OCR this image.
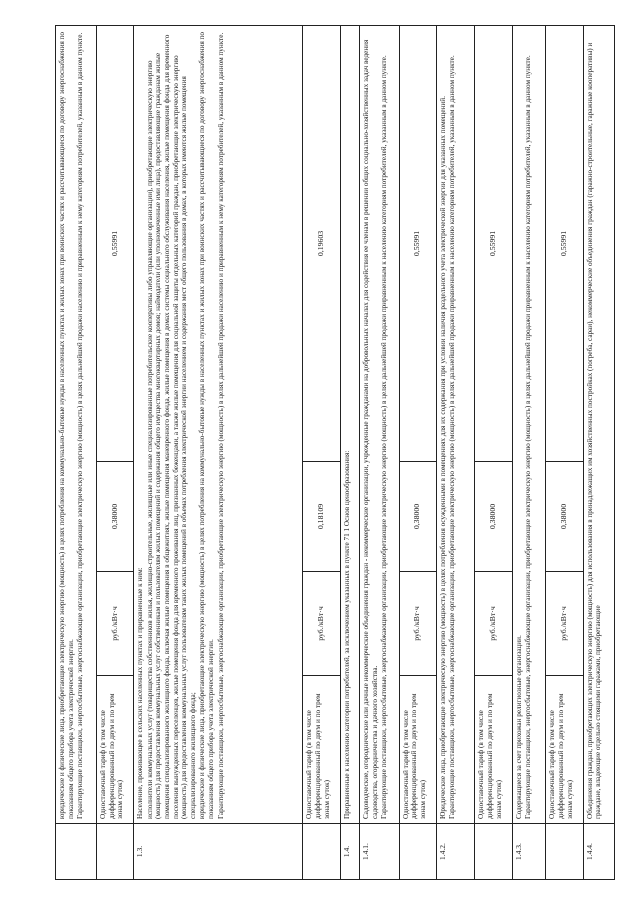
	юридические и физические лица, приобретающие электрическую энергию (мощность) в целях потребления на коммунально-бытовые нужды в населенных пунктах и жилых зонах при воинских частях и рассчитывающиеся по договору энергоснабжения по показаниям общего прибора учета электрической энергии. Гарантирующие поставщики, энергосбытовые, энергоснабжающие организации, приобретающие электрическую энергию (мощность) в целях дальнейшей продажи населению и приравненным к нему категориям потребителей, указанным в данном пункте.			

	Одноставочный тариф (в том числе дифференцированный по двум и по трем зонам суток)	руб./кВт·ч	0,38000	0,55991
1.3.	Население, проживающее в сельских населенных пунктах и приравненные к ним: исполнители коммунальных услуг (товарищества собственников жилья, жилищно-строительные, жилищные или иные специализированные потребительские кооперативы либо управляющие организации), приобретающие электрическую энергию (мощность) для предоставления коммунальных услуг собственникам и пользователям жилых помещений и содержания общего имущества многоквартирных домов; наймодатели (или уполномоченные ими лица), предоставляющие гражданам жилые помещения специализированного жилищного фонда, включая жилые помещения в общежитиях, жилые помещения маневренного фонда, жилые помещения в домах системы социального обслуживания населения, жилые помещения фонда для временного поселения вынужденных переселенцев, жилые помещения фонда для временного проживания лиц, признанных беженцами, а также жилые помещения для социальной защиты отдельных категорий граждан, приобретающие электрическую энергию (мощность) для предоставления коммунальных услуг пользователям таких жилых помещений в объемах потребления электрической энергии населением и содержания мест общего пользования в домах, в которых имеются жилые помещения специализированного жилищного фонда; юридические и физические лица, приобретающие электрическую энергию (мощность) в целях потребления на коммунально-бытовые нужды в населенных пунктах и жилых зонах при воинских частях и рассчитывающиеся по договору энергоснабжения по показаниям общего прибора учета электрической энергии. Гарантирующие поставщики, энергосбытовые, энергоснабжающие организации, приобретающие электрическую энергию (мощность) в целях дальнейшей продажи населению и приравненным к нему категориям потребителей, указанным в данном пункте.			

	Одноставочный тариф (в том числе дифференцированный по двум и по трем зонам суток)	руб./кВт·ч	0,18109	0,19603
1.4.	Приравненные к населению категории потребителей, за исключением указанных в пункте 71 1 Основ ценообразования:			

1.4.1.	Садоводческие, огороднические или дачные некоммерческие объединения граждан - некоммерческие организации, учрежденные гражданами на добровольных началах для содействия ее членам в решении общих социально-хозяйственных задач ведения садоводства, огородничества и дачного хозяйства. Гарантирующие поставщики, энергосбытовые, энергоснабжающие организации, приобретающие электрическую энергию (мощность) в целях дальнейшей продажи приравненным к населению категориям потребителей, указанным в данном пункте.			

	Одноставочный тариф (в том числе дифференцированный по двум и по трем зонам суток)	руб./кВт·ч	0,38000	0,55991
1.4.2.	Юридические лица, приобретающие электрическую энергию (мощность) в целях потребления осужденными в помещениях для их содержания при условии наличия раздельного учета электрической энергии для указанных помещений. Гарантирующие поставщики, энергосбытовые, энергоснабжающие организации, приобретающие электрическую энергию (мощность) в целях дальнейшей продажи приравненным к населению категориям потребителей, указанным в данном пункте.			

	Одноставочный тариф (в том числе дифференцированный по двум и по трем зонам суток)	руб./кВт·ч	0,38000	0,55991
1.4.3.	Содержащиеся за счет прихожан религиозные организации. Гарантирующие поставщики, энергосбытовые, энергоснабжающие организации, приобретающие электрическую энергию (мощность) в целях дальнейшей продажи приравненным к населению категориям потребителей, указанным в данном пункте.			

	Одноставочный тариф (в том числе дифференцированный по двум и по трем зонам суток)	руб./кВт·ч	0,38000	0,55991
1.4.4.	Объединения граждан, приобретающих электрическую энергию (мощность) для использования в принадлежащих им хозяйственных постройках (погреба, сараи), некоммерческие объединения граждан (гаражно-строительные, гаражные кооперативы) и граждане, владеющие отдельно стоящими гаражами, приобретающие			
